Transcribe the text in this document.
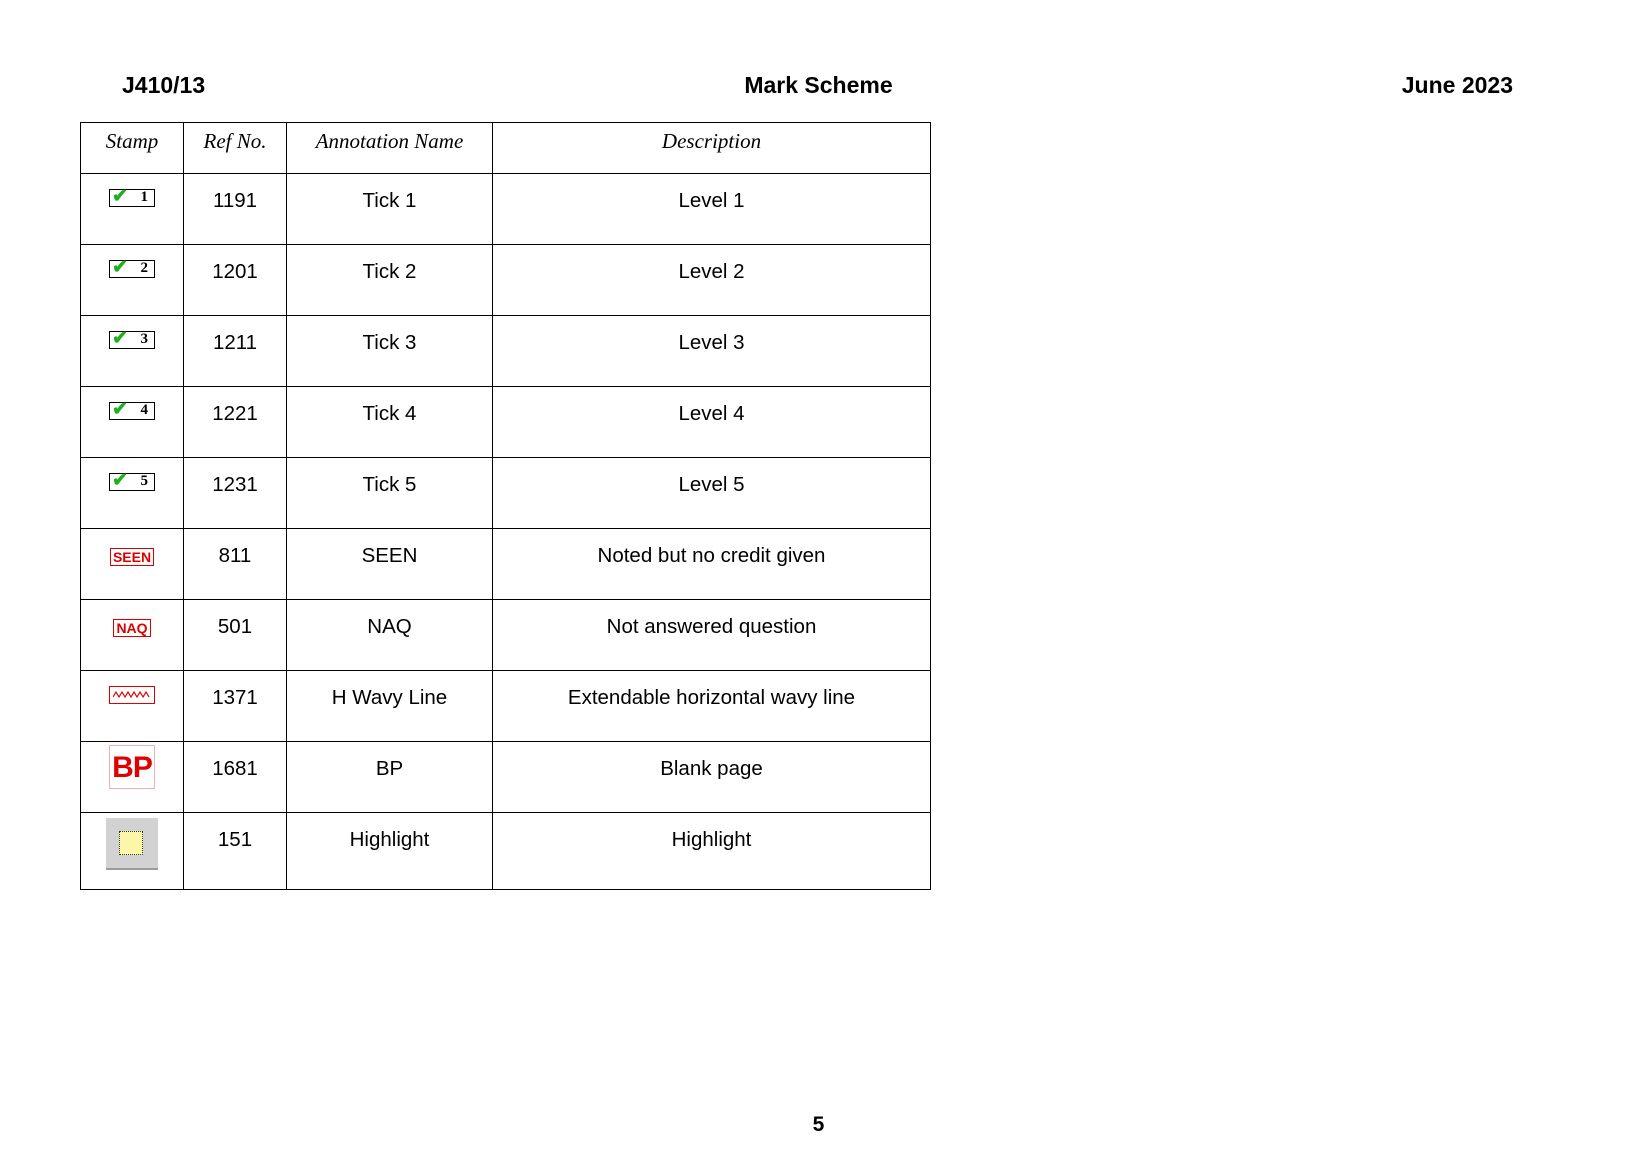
J410/13	Mark Scheme	June 2023
Stamp	Ref No.	Annotation Name	Description

✔ 1	1191	Tick 1	Level 1

✔ 2	1201	Tick 2	Level 2

✔ 3	1211	Tick 3	Level 3

✔ 4	1221	Tick 4	Level 4

✔ 5	1231	Tick 5	Level 5
SEEN	811	SEEN	Noted but no credit given
NAQ	501	NAQ	Not answered question

	1371	H Wavy Line	Extendable horizontal wavy line
BP	1681	BP	Blank page

	151	Highlight	Highlight
5
